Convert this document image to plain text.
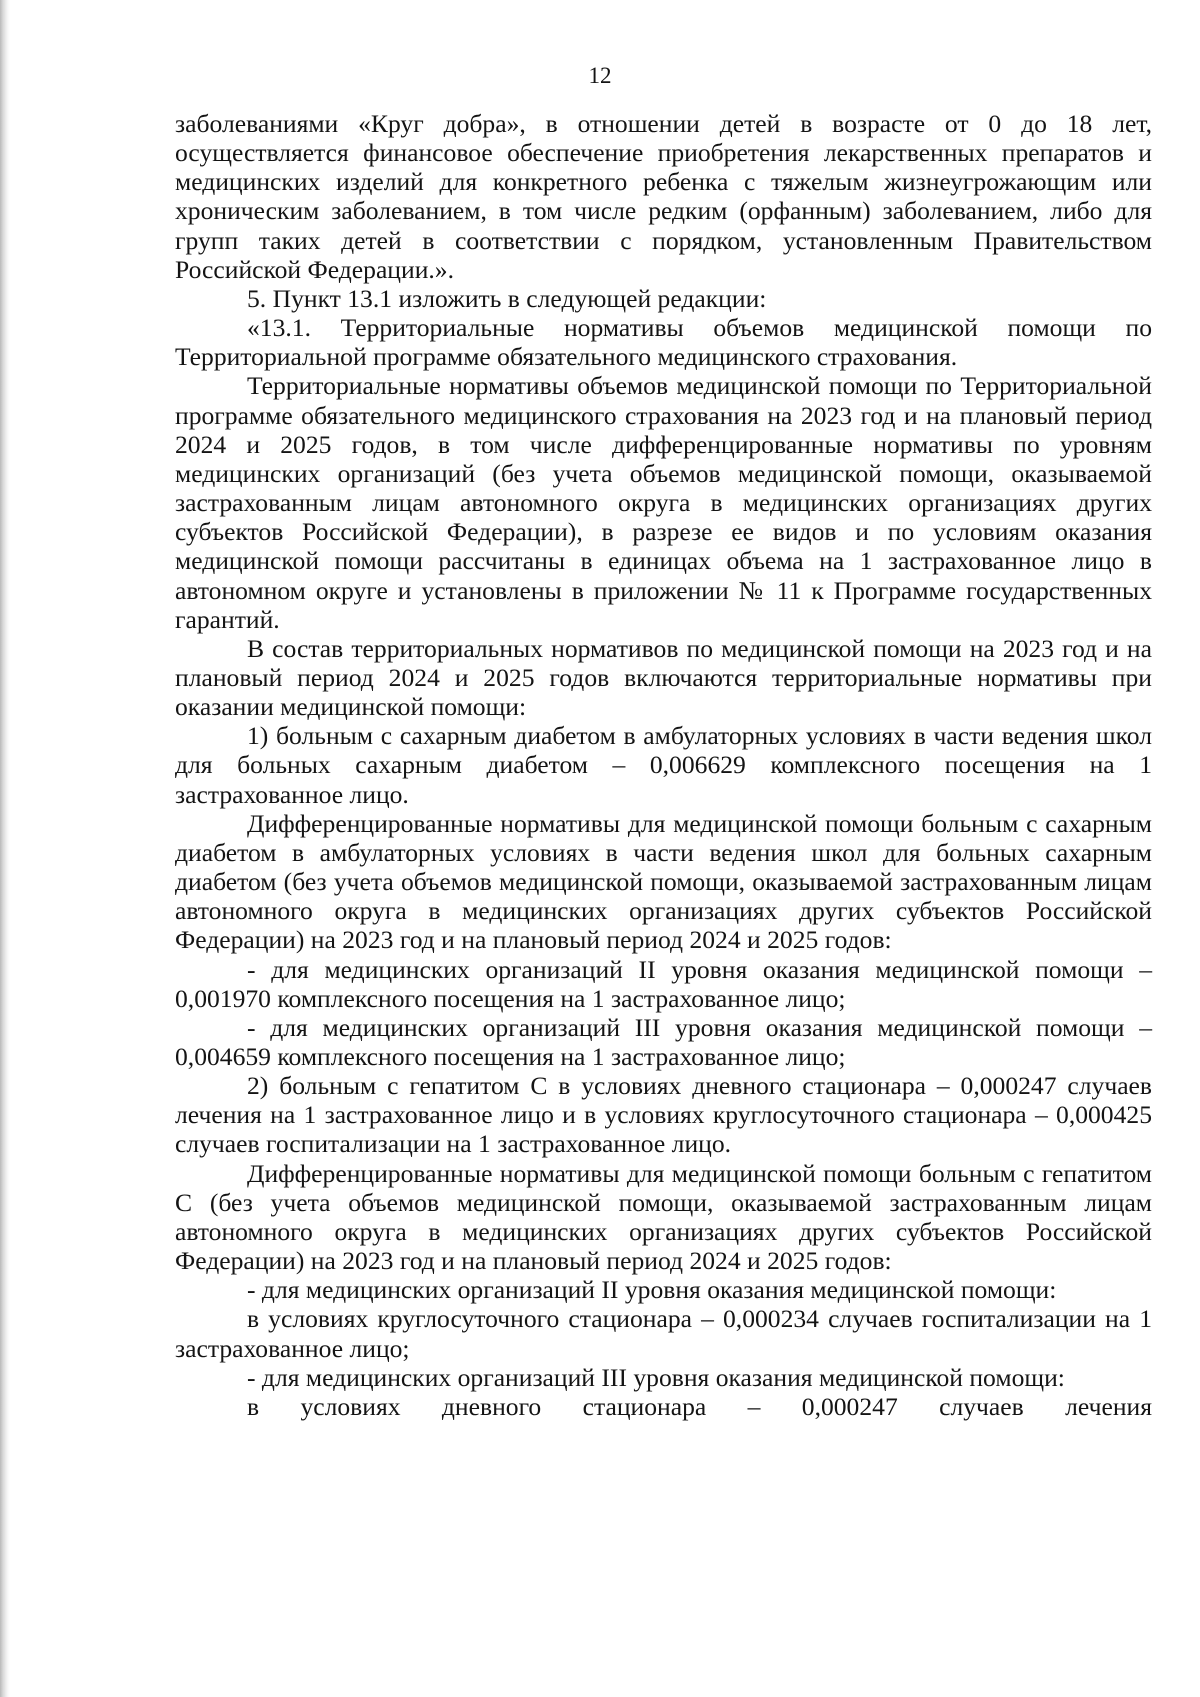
12

заболеваниями «Круг добра», в отношении детей в возрасте от 0 до 18 лет, осуществляется финансовое обеспечение приобретения лекарственных препаратов и медицинских изделий для конкретного ребенка с тяжелым жизнеугрожающим или хроническим заболеванием, в том числе редким (орфанным) заболеванием, либо для групп таких детей в соответствии с порядком, установленным Правительством Российской Федерации.».

5. Пункт 13.1 изложить в следующей редакции:

«13.1. Территориальные нормативы объемов медицинской помощи по Территориальной программе обязательного медицинского страхования.

Территориальные нормативы объемов медицинской помощи по Территориальной программе обязательного медицинского страхования на 2023 год и на плановый период 2024 и 2025 годов, в том числе дифференцированные нормативы по уровням медицинских организаций (без учета объемов медицинской помощи, оказываемой застрахованным лицам автономного округа в медицинских организациях других субъектов Российской Федерации), в разрезе ее видов и по условиям оказания медицинской помощи рассчитаны в единицах объема на 1 застрахованное лицо в автономном округе и установлены в приложении № 11 к Программе государственных гарантий.

В состав территориальных нормативов по медицинской помощи на 2023 год и на плановый период 2024 и 2025 годов включаются территориальные нормативы при оказании медицинской помощи:

1) больным с сахарным диабетом в амбулаторных условиях в части ведения школ для больных сахарным диабетом – 0,006629 комплексного посещения на 1 застрахованное лицо.

Дифференцированные нормативы для медицинской помощи больным с сахарным диабетом в амбулаторных условиях в части ведения школ для больных сахарным диабетом (без учета объемов медицинской помощи, оказываемой застрахованным лицам автономного округа в медицинских организациях других субъектов Российской Федерации) на 2023 год и на плановый период 2024 и 2025 годов:

- для медицинских организаций II уровня оказания медицинской помощи – 0,001970 комплексного посещения на 1 застрахованное лицо;

- для медицинских организаций III уровня оказания медицинской помощи – 0,004659 комплексного посещения на 1 застрахованное лицо;

2) больным с гепатитом С в условиях дневного стационара – 0,000247 случаев лечения на 1 застрахованное лицо и в условиях круглосуточного стационара – 0,000425 случаев госпитализации на 1 застрахованное лицо.

Дифференцированные нормативы для медицинской помощи больным с гепатитом С (без учета объемов медицинской помощи, оказываемой застрахованным лицам автономного округа в медицинских организациях других субъектов Российской Федерации) на 2023 год и на плановый период 2024 и 2025 годов:

- для медицинских организаций II уровня оказания медицинской помощи:

в условиях круглосуточного стационара – 0,000234 случаев госпитализации на 1 застрахованное лицо;

- для медицинских организаций III уровня оказания медицинской помощи:

в условиях дневного стационара – 0,000247 случаев лечения
